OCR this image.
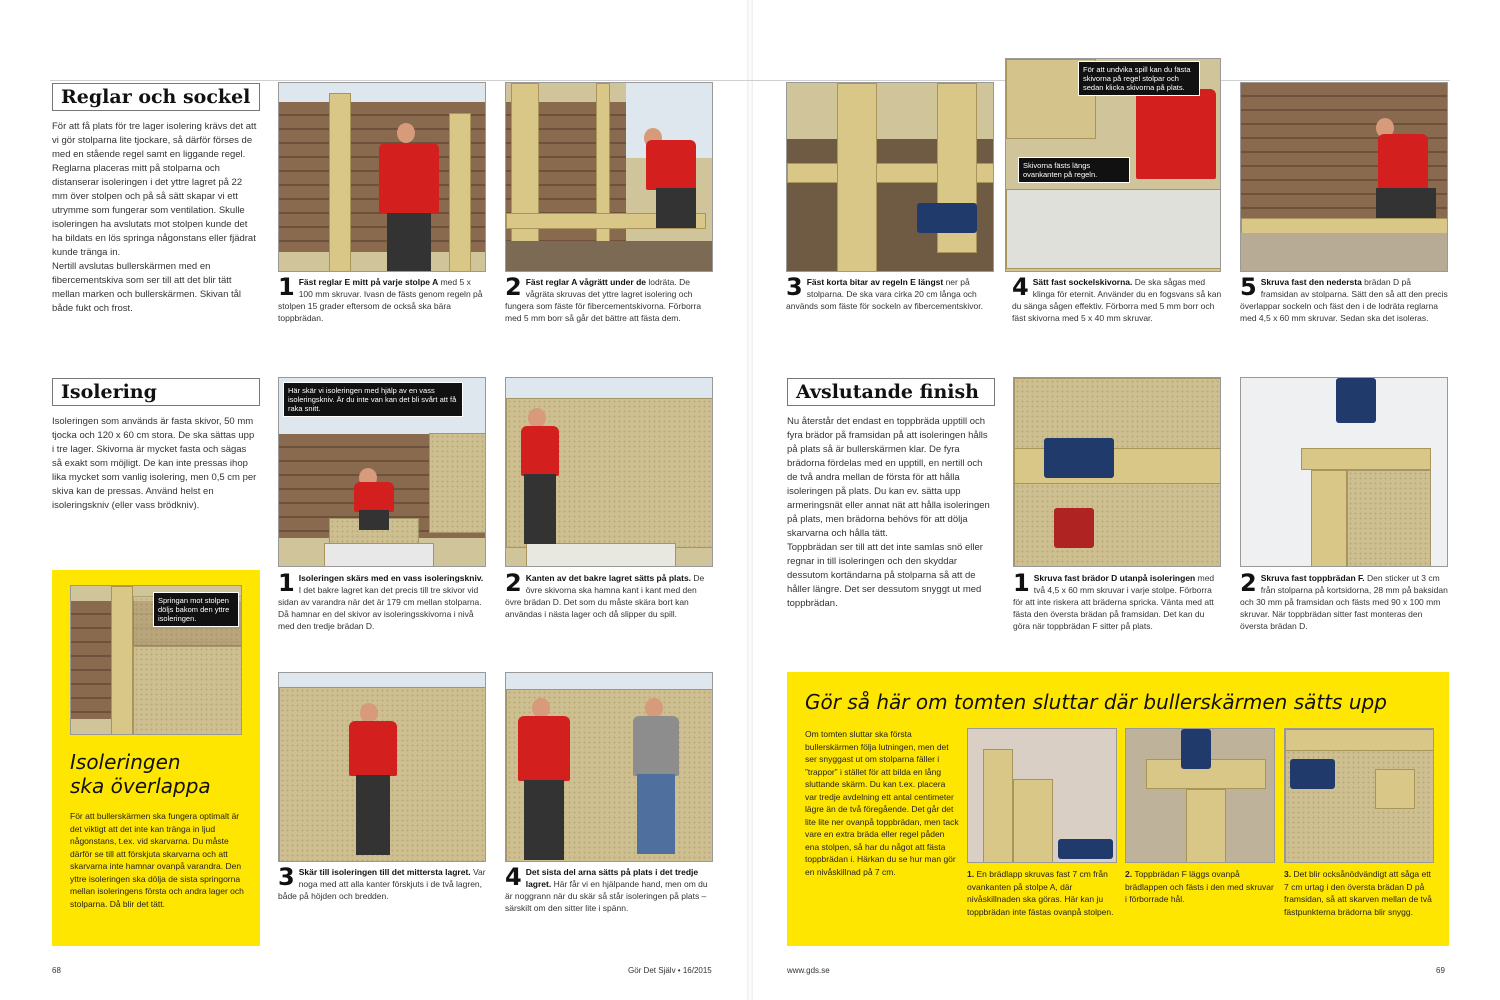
Reglar och sockel

För att få plats för tre lager isolering krävs det att vi gör stolparna lite tjockare, så därför förses de med en stående regel samt en liggande regel. Reglarna placeras mitt på stolparna och distanserar isoleringen i det yttre lagret på 22 mm över stolpen och på så sätt skapar vi ett utrymme som fungerar som ventilation. Skulle isoleringen ha avslutats mot stolpen kunde det ha bildats en lös springa någonstans eller fjädrat kunde tränga in.

Nertill avslutas bullerskärmen med en fibercementskiva som ser till att det blir tätt mellan marken och bullerskärmen. Skivan tål både fukt och frost.

1 Fäst reglar E mitt på varje stolpe A med 5 x 100 mm skruvar. Ivasn de fästs genom regeln på stolpen 15 grader eftersom de också ska bära toppbrädan.
2 Fäst reglar A vågrätt under de lodräta. De vågräta skruvas det yttre lagret isolering och fungera som fäste för fibercementskivorna. Förborra med 5 mm borr så går det bättre att fästa dem.
Isolering
Isoleringen som används är fasta skivor, 50 mm tjocka och 120 x 60 cm stora. De ska sättas upp i tre lager. Skivorna är mycket fasta och sägas så exakt som möjligt. De kan inte pressas ihop lika mycket som vanlig isolering, men 0,5 cm per skiva kan de pressas. Använd helst en isoleringskniv (eller vass brödkniv).
Springan mot stolpen döljs bakom den yttre isoleringen.
Isoleringen
ska överlappa
För att bullerskärmen ska fungera optimalt är det viktigt att det inte kan tränga in ljud någonstans, t.ex. vid skarvarna. Du måste därför se till att förskjuta skarvarna och att skarvarna inte hamnar ovanpå varandra. Den yttre isoleringen ska dölja de sista springorna mellan isoleringens första och andra lager och stolparna. Då blir det tätt.
Här skär vi isoleringen med hjälp av en vass isoleringskniv. Är du inte van kan det bli svårt att få raka snitt.
1 Isoleringen skärs med en vass isoleringskniv. I det bakre lagret kan det precis till tre skivor vid sidan av varandra när det är 179 cm mellan stolparna. Då hamnar en del skivor av isoleringsskivorna i nivå med den tredje brädan D.
2 Kanten av det bakre lagret sätts på plats. De övre skivorna ska hamna kant i kant med den övre brädan D. Det som du måste skära bort kan användas i nästa lager och då slipper du spill.
3 Skär till isoleringen till det mittersta lagret. Var noga med att alla kanter förskjuts i de två lagren, både på höjden och bredden.
4 Det sista del arna sätts på plats i det tredje lagret. Här får vi en hjälpande hand, men om du är noggrann när du skär så står isoleringen på plats – särskilt om den sitter lite i spänn.
3 Fäst korta bitar av regeln E längst ner på stolparna. De ska vara cirka 20 cm långa och används som fäste för sockeln av fibercementskivor.
För att undvika spill kan du fästa skivorna på regel stolpar och sedan klicka skivorna på plats.
Skivorna fästs längs ovankanten på regeln.
4 Sätt fast sockelskivorna. De ska sågas med klinga för eternit. Använder du en fogsvans så kan du sänga sågen effektiv. Förborra med 5 mm borr och fäst skivorna med 5 x 40 mm skruvar.
5 Skruva fast den nedersta brädan D på framsidan av stolparna. Sätt den så att den precis överlappar sockeln och fäst den i de lodräta reglarna med 4,5 x 60 mm skruvar. Sedan ska det isoleras.
Avslutande finish

Nu återstår det endast en toppbräda upptill och fyra brädor på framsidan på att isoleringen hålls på plats så är bullerskärmen klar. De fyra brädorna fördelas med en upptill, en nertill och de två andra mellan de första för att hålla isoleringen på plats. Du kan ev. sätta upp armeringsnät eller annat nät att hålla isoleringen på plats, men brädorna behövs för att dölja skarvarna och hålla tätt.

Toppbrädan ser till att det inte samlas snö eller regnar in till isoleringen och den skyddar dessutom kortändarna på stolparna så att de håller längre. Det ser dessutom snyggt ut med toppbrädan.

1 Skruva fast brädor D utanpå isoleringen med två 4,5 x 60 mm skruvar i varje stolpe. Förborra för att inte riskera att bräderna spricka. Vänta med att fästa den översta brädan på framsidan. Det kan du göra när toppbrädan F sitter på plats.
2 Skruva fast toppbrädan F. Den sticker ut 3 cm från stolparna på kortsidorna, 28 mm på baksidan och 30 mm på framsidan och fästs med 90 x 100 mm skruvar. När toppbrädan sitter fast monteras den översta brädan D.
Gör så här om tomten sluttar där bullerskärmen sätts upp
Om tomten sluttar ska första bullerskärmen följa lutningen, men det ser snyggast ut om stolparna fäller i ”trappor” i stället för att bilda en lång sluttande skärm. Du kan t.ex. placera var tredje avdelning ett antal centimeter lägre än de två föregående. Det går det lite lite ner ovanpå toppbrädan, men tack vare en extra bräda eller regel påden ena stolpen, så har du något att fästa toppbrädan i. Härkan du se hur man gör en nivåskillnad på 7 cm.	1. En brädlapp skruvas fast 7 cm från ovankanten på stolpe A, där nivåskillnaden ska göras. Här kan ju toppbrädan inte fästas ovanpå stolpen.
2. Toppbrädan F läggs ovanpå brädlappen och fästs i den med skruvar i förborrade hål.
3. Det blir ocksånödvändigt att såga ett 7 cm urtag i den översta brädan D på framsidan, så att skarven mellan de två fästpunkterna brädorna blir snygg.
68	Gör Det Själv • 16/2015	www.gds.se	69
